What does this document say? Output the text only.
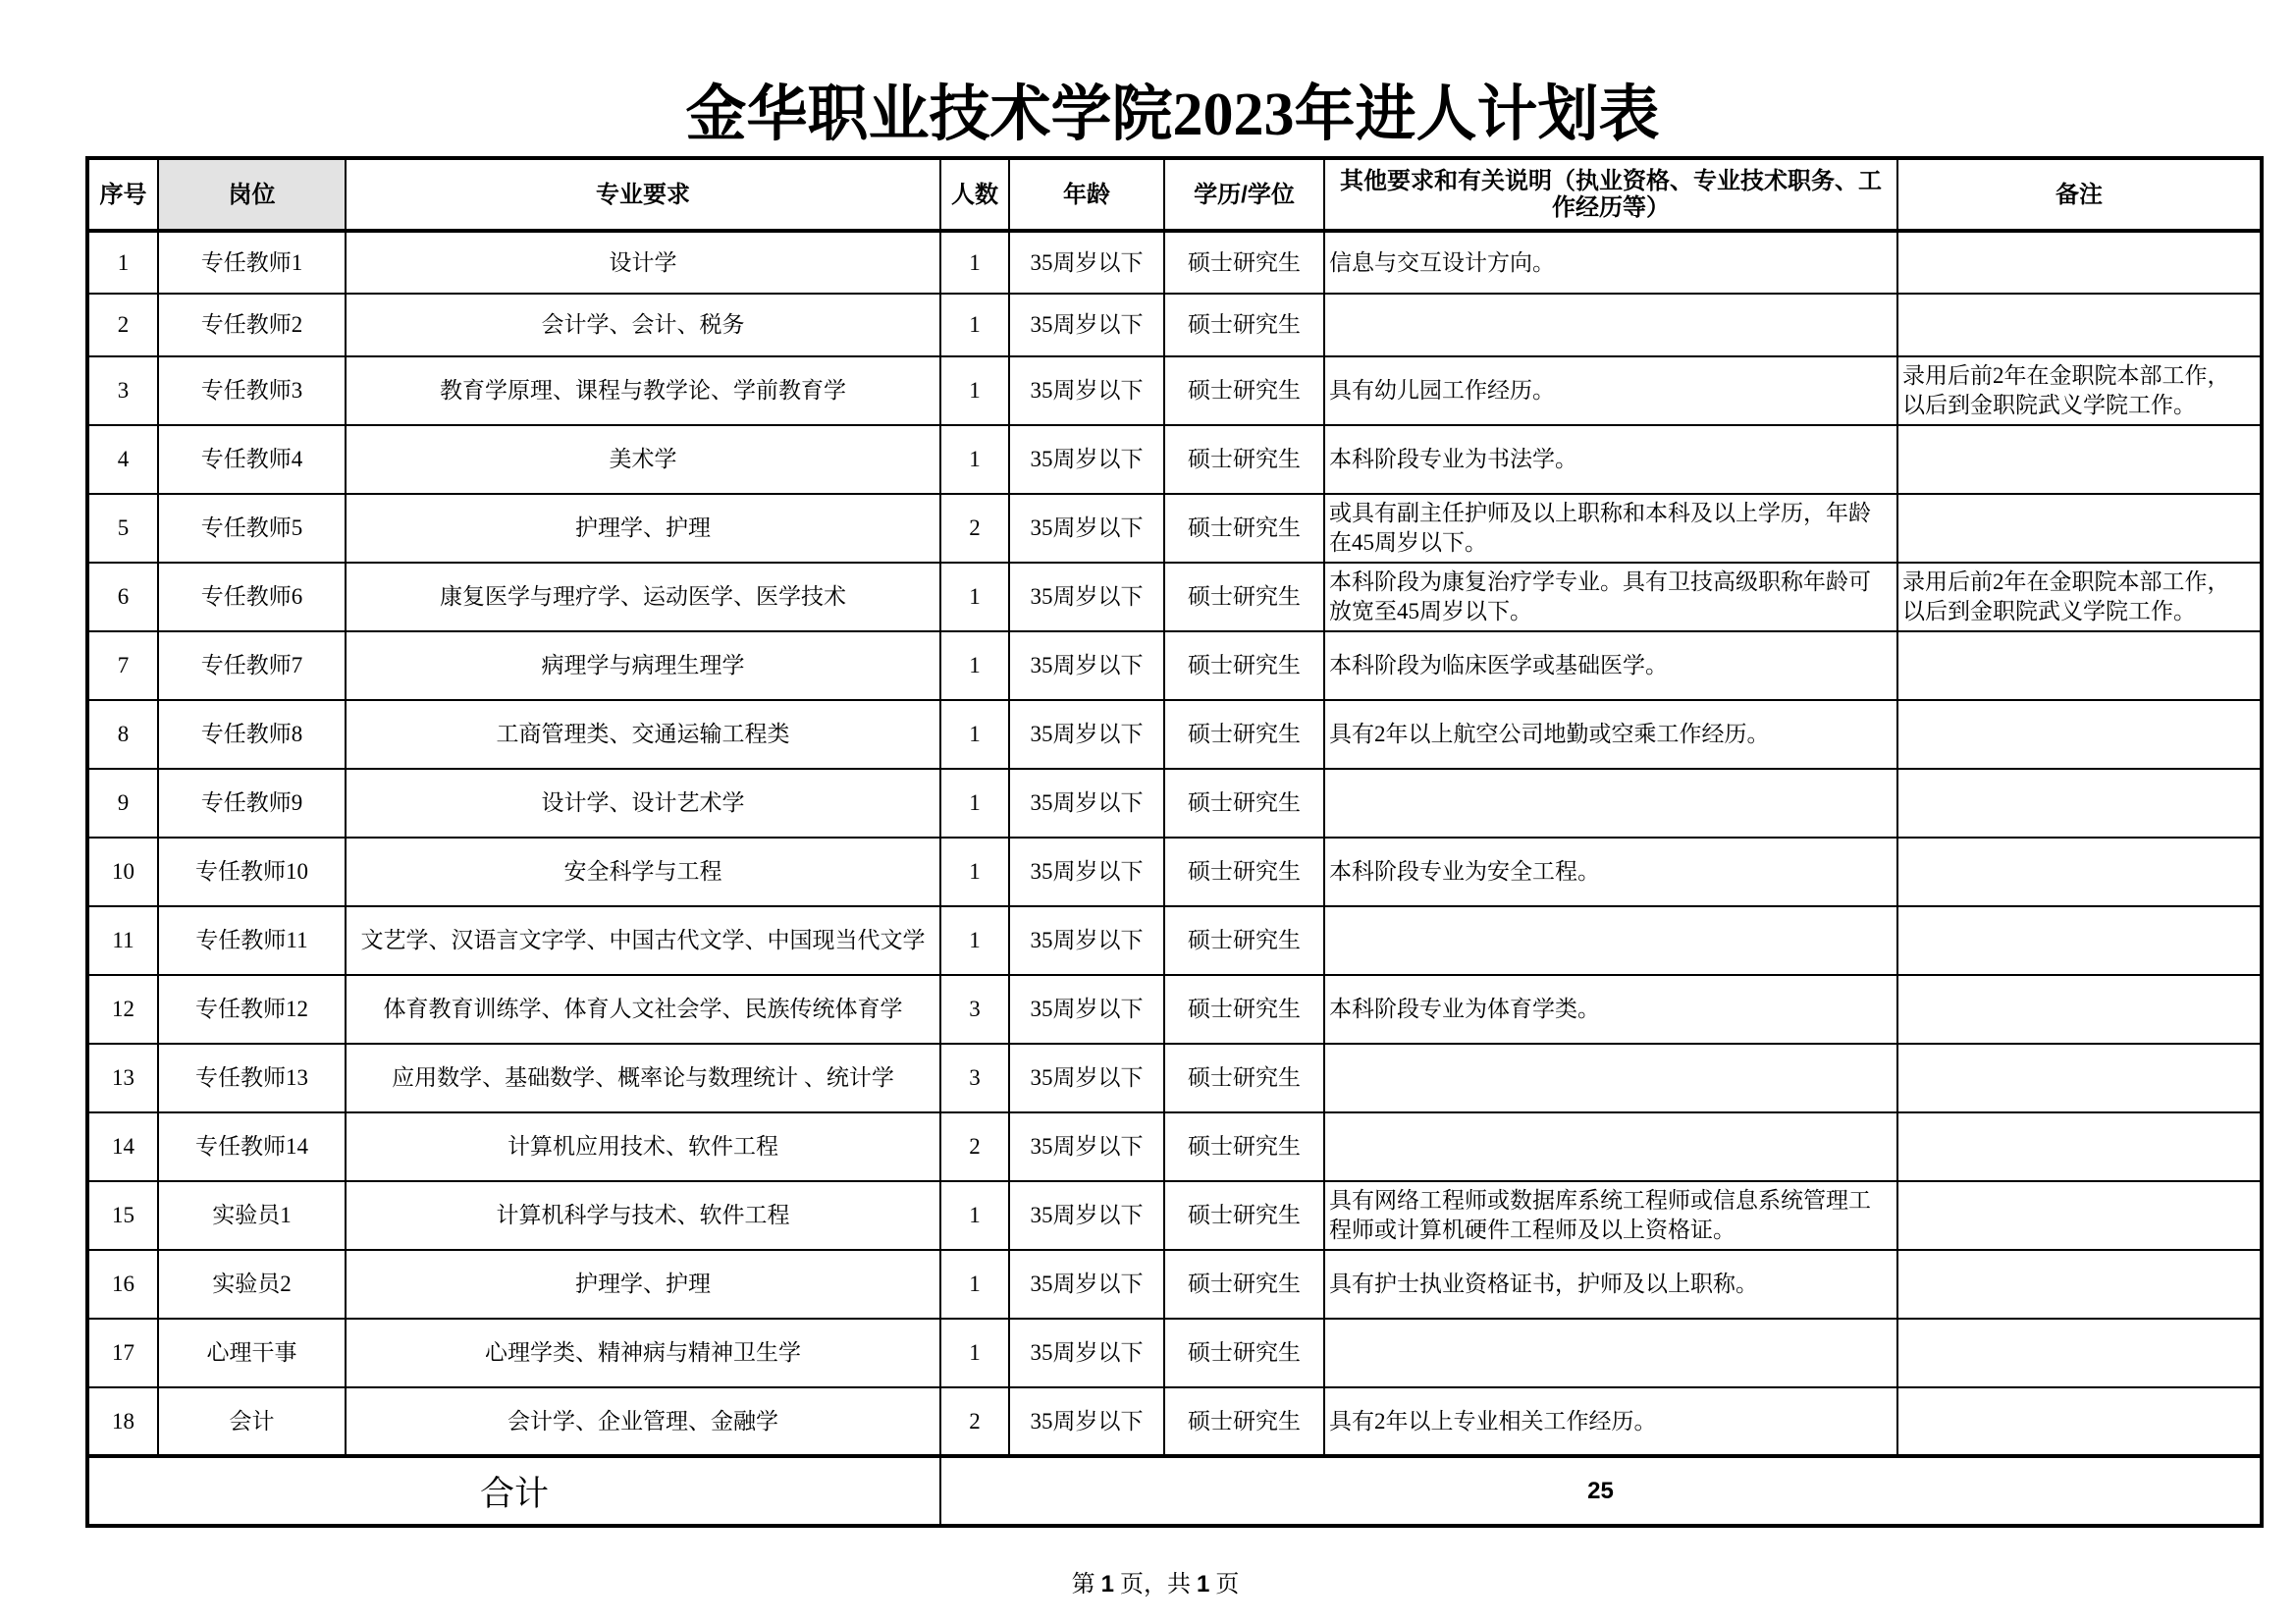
金华职业技术学院2023年进人计划表
序号	岗位	专业要求	人数	年龄	学历/学位	其他要求和有关说明（执业资格、专业技术职务、工作经历等）	备注
1	专任教师1	设计学	1	35周岁以下	硕士研究生	信息与交互设计方向。	
2	专任教师2	会计学、会计、税务	1	35周岁以下	硕士研究生		
3	专任教师3	教育学原理、课程与教学论、学前教育学	1	35周岁以下	硕士研究生	具有幼儿园工作经历。	录用后前2年在金职院本部工作，以后到金职院武义学院工作。
4	专任教师4	美术学	1	35周岁以下	硕士研究生	本科阶段专业为书法学。	
5	专任教师5	护理学、护理	2	35周岁以下	硕士研究生	或具有副主任护师及以上职称和本科及以上学历，年龄在45周岁以下。	
6	专任教师6	康复医学与理疗学、运动医学、医学技术	1	35周岁以下	硕士研究生	本科阶段为康复治疗学专业。具有卫技高级职称年龄可放宽至45周岁以下。	录用后前2年在金职院本部工作，以后到金职院武义学院工作。
7	专任教师7	病理学与病理生理学	1	35周岁以下	硕士研究生	本科阶段为临床医学或基础医学。	
8	专任教师8	工商管理类、交通运输工程类	1	35周岁以下	硕士研究生	具有2年以上航空公司地勤或空乘工作经历。	
9	专任教师9	设计学、设计艺术学	1	35周岁以下	硕士研究生		
10	专任教师10	安全科学与工程	1	35周岁以下	硕士研究生	本科阶段专业为安全工程。	
11	专任教师11	文艺学、汉语言文字学、中国古代文学、中国现当代文学	1	35周岁以下	硕士研究生		
12	专任教师12	体育教育训练学、体育人文社会学、民族传统体育学	3	35周岁以下	硕士研究生	本科阶段专业为体育学类。	
13	专任教师13	应用数学、基础数学、概率论与数理统计 、统计学	3	35周岁以下	硕士研究生		
14	专任教师14	计算机应用技术、软件工程	2	35周岁以下	硕士研究生		
15	实验员1	计算机科学与技术、软件工程	1	35周岁以下	硕士研究生	具有网络工程师或数据库系统工程师或信息系统管理工程师或计算机硬件工程师及以上资格证。	
16	实验员2	护理学、护理	1	35周岁以下	硕士研究生	具有护士执业资格证书，护师及以上职称。	
17	心理干事	心理学类、精神病与精神卫生学	1	35周岁以下	硕士研究生		
18	会计	会计学、企业管理、金融学	2	35周岁以下	硕士研究生	具有2年以上专业相关工作经历。	
合计			25				
第 1 页，共 1 页
